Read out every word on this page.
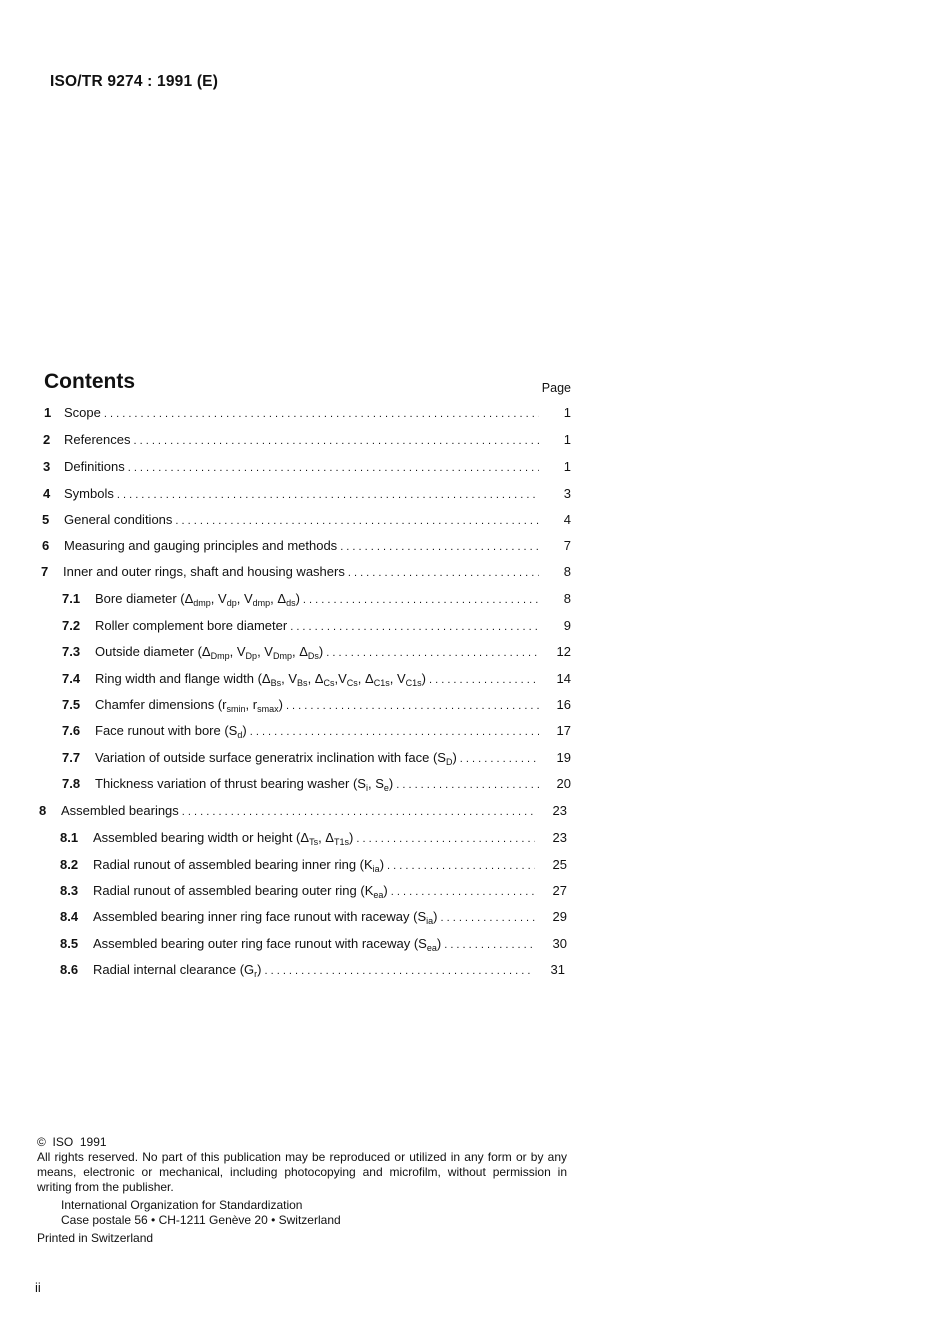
ISO/TR 9274 : 1991 (E)
Contents	Page
1 Scope . . .	1
2	References . . .	1
3	Definitions . . .	1
4	Symbols . . .	3
5	General conditions . . .	4
6	Measuring and gauging principles and methods . . .	7
7	Inner and outer rings, shaft and housing washers . . .	8
7.1	Bore diameter ($\Delta_{dmp}$, $V_{dp}$, $V_{dmp}$, $\Delta_{ds}$) . . .	8
7.2	Roller complement bore diameter . . .	9
7.3	Outside diameter ($\Delta_{Dmp}$, $V_{Dp}$, $V_{Dmp}$, $\Delta_{Ds}$) . . .	12
7.4	Ring width and flange width ($\Delta_{Bs}$, $V_{Bs}$, $\Delta_{Cs},V_{Cs}$, $\Delta_{C1s}$, $V_{C1s}$) . . .	14
7.5	Chamfer dimensions ($r_{smin}$, $r_{smax}$) . . .	16
7.6	Face runout with bore $(S_d)$ . . .	17
7.7	Variation of outside surface generatrix inclination with face $(S_D)$ . . .	19
7.8	Thickness variation of thrust bearing washer ($S_i$, $S_e$) . . .	20
8	Assembled bearings . . .	23
8.1	Assembled bearing width or height ($\Delta_{Ts}$, $\Delta_{T1s}$) . . .	23
8.2	Radial runout of assembled bearing inner ring $(K_{ia})$ . . .	25
8.3	Radial runout of assembled bearing outer ring $(K_{ea})$ . . .	27
8.4	Assembled bearing inner ring face runout with raceway $(S_{ia})$ . . .	29
8.5	Assembled bearing outer ring face runout with raceway $(S_{ea})$ . . .	30
8.6	Radial internal clearance $(G_r)$ . . .	31
©  ISO  1991
All rights reserved. No part of this publication may be reproduced or utilized in any form or by any means, electronic or mechanical, including photocopying and microfilm, without permission in writing from the publisher.
International Organization for Standardization
Case postale 56 • CH-1211 Genève 20 • Switzerland
Printed in Switzerland
ii
